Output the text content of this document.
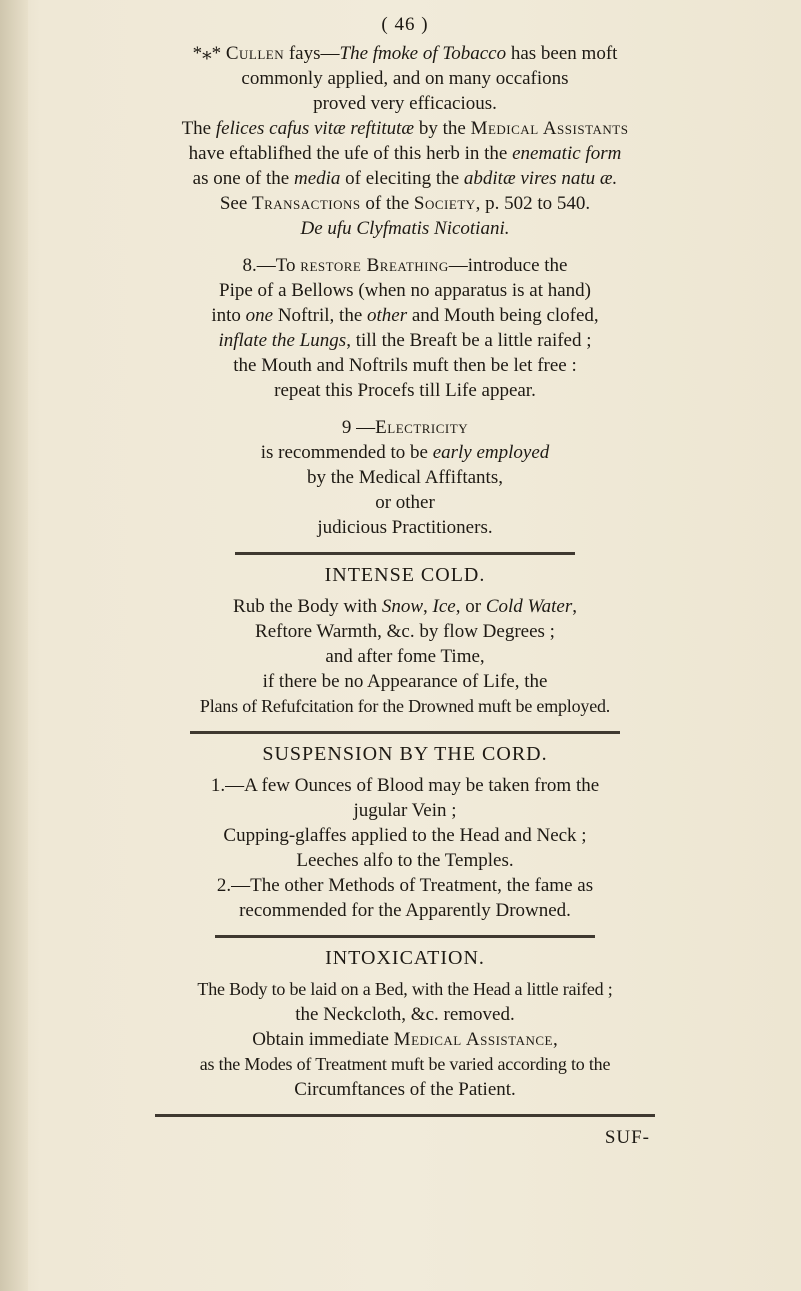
( 46 )
*⁎* Cullen fays—The fmoke of Tobacco has been moft
commonly applied, and on many occafions
proved very efficacious.
The felices cafus vitæ reftitutæ by the Medical Assistants
have eftablifhed the ufe of this herb in the enematic form
as one of the media of eleciting the abditæ vires natu æ.
See Transactions of the Society, p. 502 to 540.
De ufu Clyfmatis Nicotiani.
8.—To restore Breathing—introduce the
Pipe of a Bellows (when no apparatus is at hand)
into one Noftril, the other and Mouth being clofed,
inflate the Lungs, till the Breaft be a little raifed ;
the Mouth and Noftrils muft then be let free :
repeat this Procefs till Life appear.
9 —Electricity
is recommended to be early employed
by the Medical Affiftants,
or other
judicious Practitioners.
INTENSE COLD.
Rub the Body with Snow, Ice, or Cold Water,
Reftore Warmth, &c. by flow Degrees ;
and after fome Time,
if there be no Appearance of Life, the
Plans of Refufcitation for the Drowned muft be employed.
SUSPENSION BY THE CORD.
1.—A few Ounces of Blood may be taken from the
jugular Vein ;
Cupping-glaffes applied to the Head and Neck ;
Leeches alfo to the Temples.
2.—The other Methods of Treatment, the fame as
recommended for the Apparently Drowned.
INTOXICATION.
The Body to be laid on a Bed, with the Head a little raifed ;
the Neckcloth, &c. removed.
Obtain immediate Medical Assistance,
as the Modes of Treatment muft be varied according to the
Circumftances of the Patient.
SUF-
